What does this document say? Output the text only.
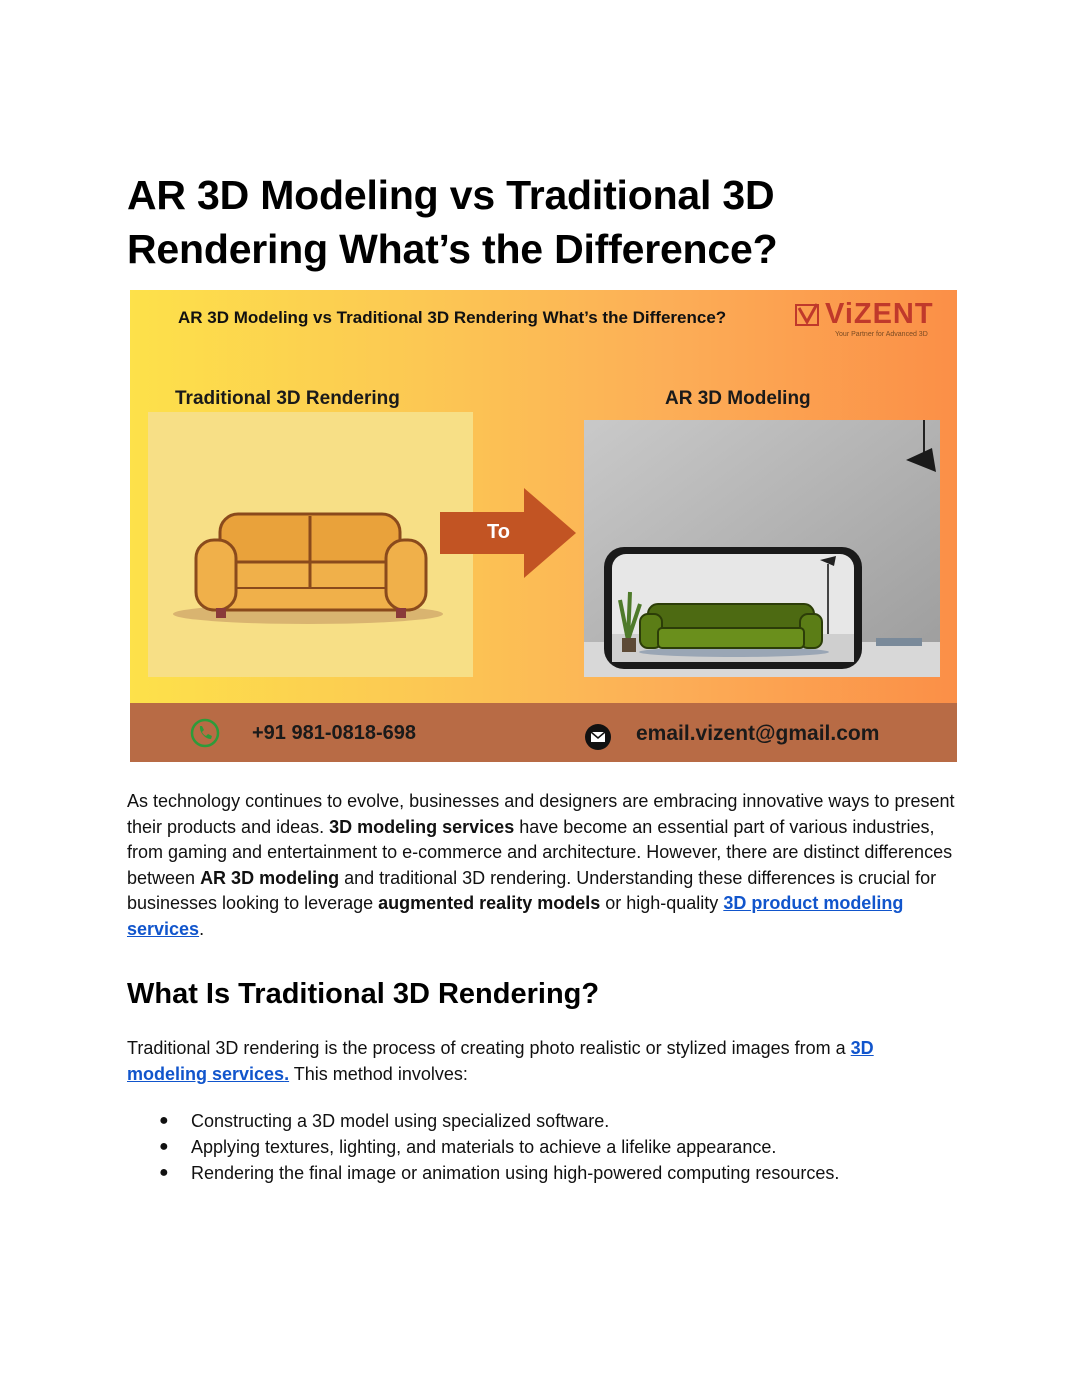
AR 3D Modeling vs Traditional 3D Rendering What’s the Difference?
AR 3D Modeling vs Traditional 3D Rendering What’s the Difference?	ViZENT
Your Partner for Advanced 3D
Traditional 3D Rendering	AR 3D Modeling
To
+91 981-0818-698	email.vizent@gmail.com

As technology continues to evolve, businesses and designers are embracing innovative ways to present their products and ideas. 3D modeling services have become an essential part of various industries, from gaming and entertainment to e-commerce and architecture. However, there are distinct differences between AR 3D modeling and traditional 3D rendering. Understanding these differences is crucial for businesses looking to leverage augmented reality models or high-quality 3D product modeling services.

What Is Traditional 3D Rendering?

Traditional 3D rendering is the process of creating photo realistic or stylized images from a 3D modeling services. This method involves:

● Constructing a 3D model using specialized software.
● Applying textures, lighting, and materials to achieve a lifelike appearance.
● Rendering the final image or animation using high-powered computing resources.
